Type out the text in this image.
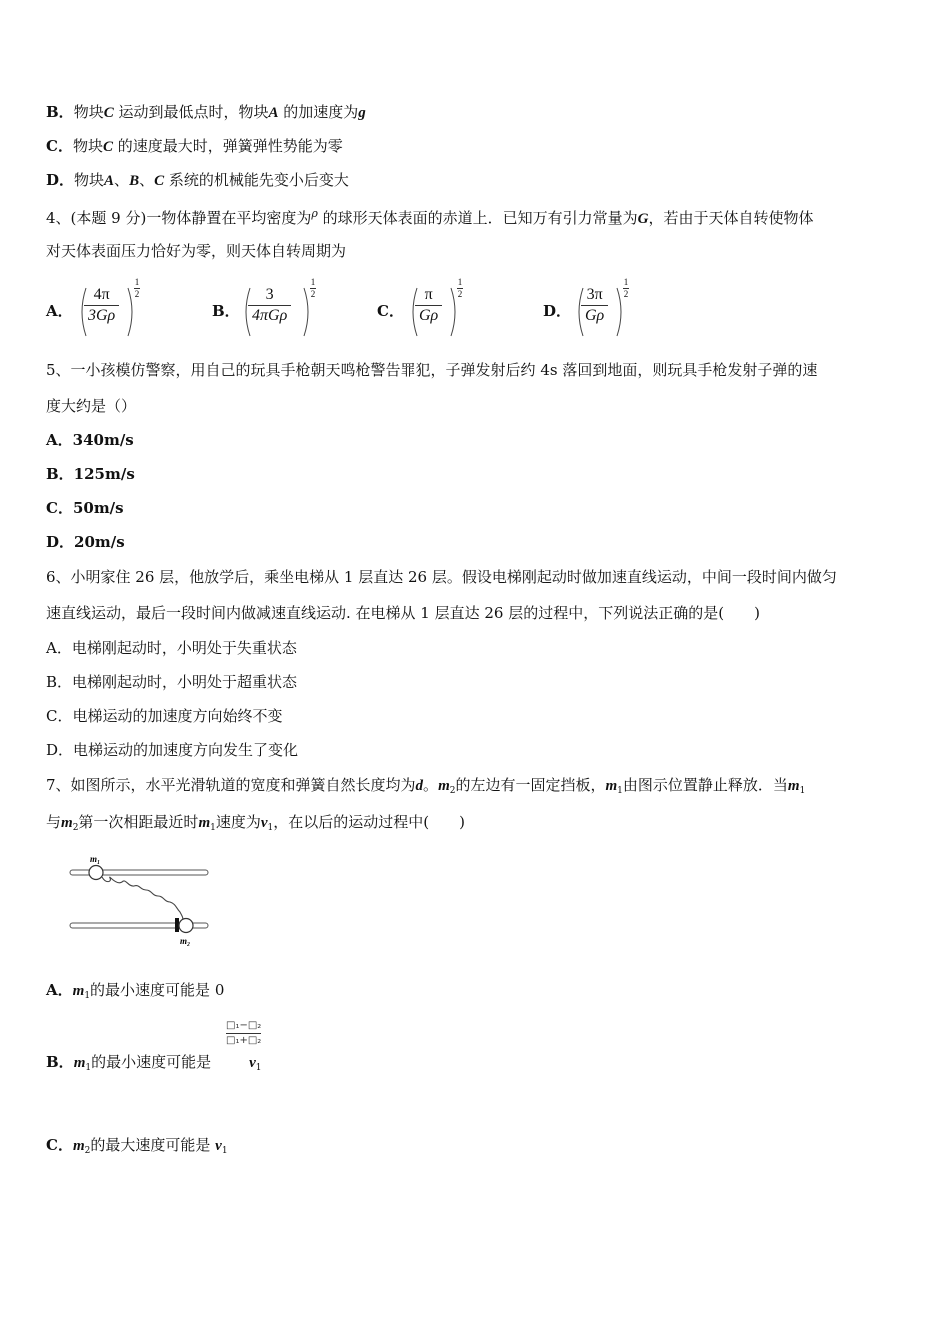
B．物块C 运动到最低点时，物块A 的加速度为g
C．物块C 的速度最大时，弹簧弹性势能为零
D．物块A、B、C 系统的机械能先变小后变大
4、(本题 9 分)一物体静置在平均密度为$^\rho$ 的球形天体表面的赤道上．已知万有引力常量为G，若由于天体自转使物体
对天体表面压力恰好为零，则天体自转周期为
A．
4π
3Gρ
1
2
B．
3
4πGρ
1
2
C．
π
Gρ
1
2
D．
3π
Gρ
1
2
5、一小孩模仿警察，用自己的玩具手枪朝天鸣枪警告罪犯，子弹发射后约 4s 落回到地面，则玩具手枪发射子弹的速
度大约是（）
A．340m/s
B．125m/s
C．50m/s
D．20m/s
6、小明家住 26 层，他放学后，乘坐电梯从 1 层直达 26 层。假设电梯刚起动时做加速直线运动，中间一段时间内做匀
速直线运动，最后一段时间内做减速直线运动. 在电梯从 1 层直达 26 层的过程中，下列说法正确的是(　　)
A．电梯刚起动时，小明处于失重状态
B．电梯刚起动时，小明处于超重状态
C．电梯运动的加速度方向始终不变
D．电梯运动的加速度方向发生了变化
7、如图所示，水平光滑轨道的宽度和弹簧自然长度均为d。$m_2$的左边有一固定挡板，$m_1$由图示位置静止释放．当$m_1$
与$m_2$第一次相距最近时$m_1$速度为$v_1$，在以后的运动过程中(　　)
m₁
m₂
A．$m_1$的最小速度可能是 0
□₁−□₂
□₁+□₂
B．$m_1$的最小速度可能是	$v_1$
C．$m_2$的最大速度可能是 $v_1$
